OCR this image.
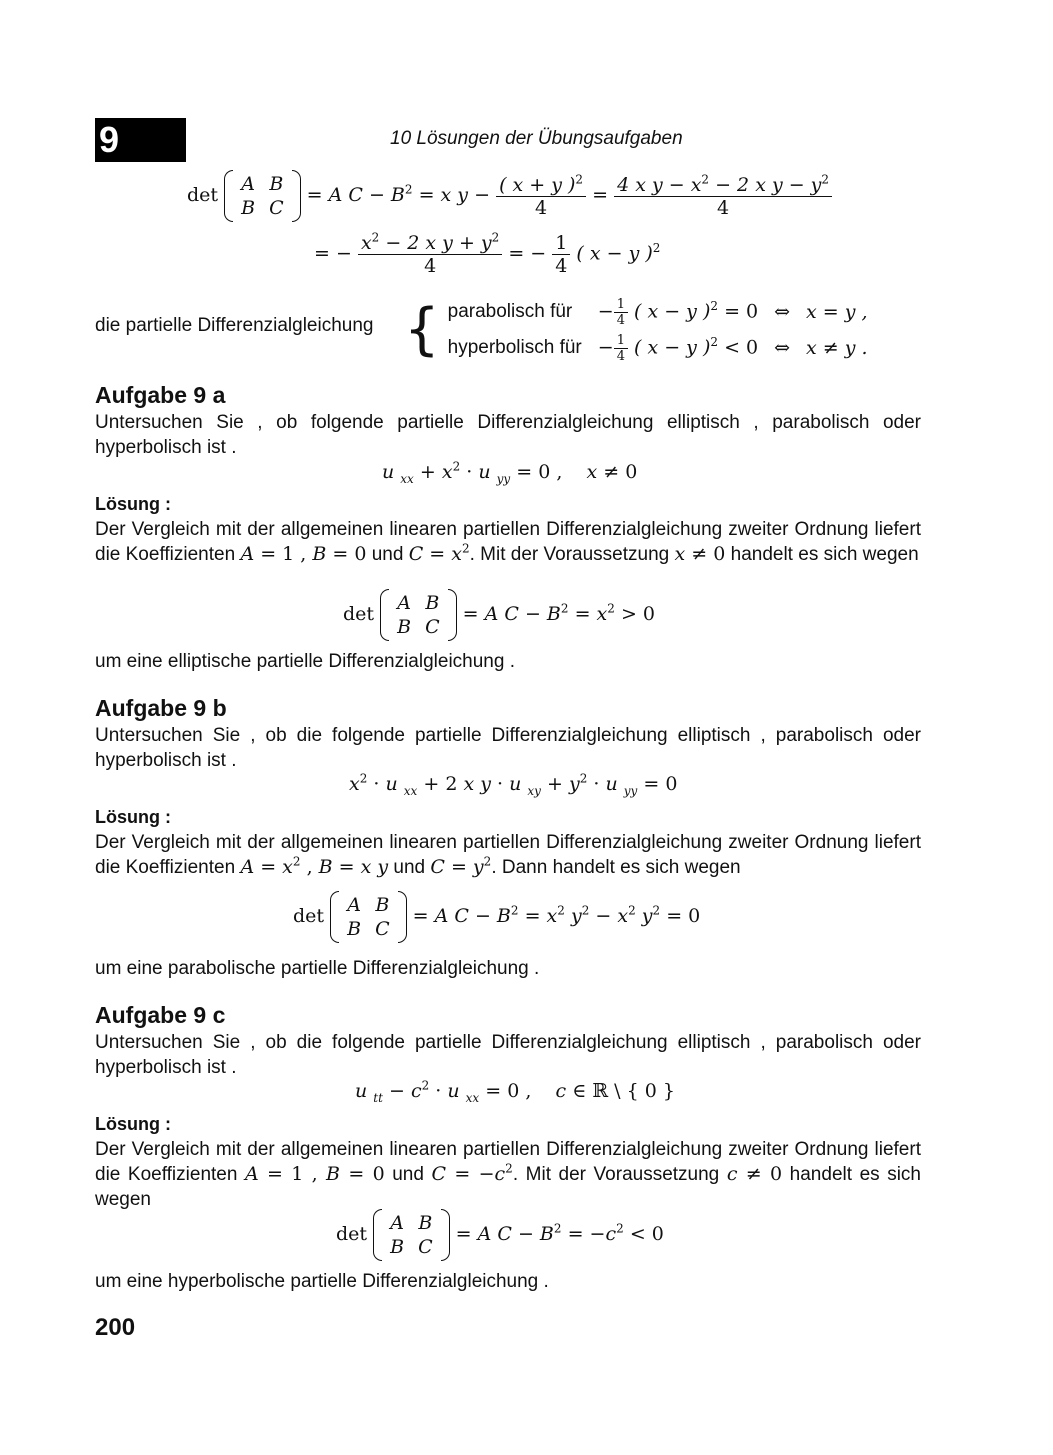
9	10 Lösungen der Übungsaufgaben
det A	B
B	C
= A $C - B^2 = x$ $y - \frac{( x + y )^2}{4} = \frac{4 x y - x^2 - 2 x y - y^2}{4}$
= − $\frac{x^2 - 2 x y + y^2}{4}$ = − $\frac{1}{4}$ ( x − y )$^2$
die partielle Differenzialgleichung { parabolisch für	− $\frac{1}{4}$ ( x − y )$^2$ = 0	⇔	x = y ,
hyperbolisch für	− $\frac{1}{4}$ ( x − y )$^2$ < 0	⇔	x ≠ y .
Aufgabe 9 a
Untersuchen Sie , ob folgende partielle Differenzialgleichung elliptisch , parabolisch oder hyperbolisch ist .
u $_{xx} + x^2 \cdot u$ $_{yy}$ = 0 ,    x ≠ 0
Lösung :
Der Vergleich mit der allgemeinen linearen partiellen Differenzialgleichung zweiter Ordnung liefert die Koeffizienten A = 1 , B = 0 und $C = x^2$. Mit der Voraussetzung x ≠ 0 handelt es sich wegen
det A	B
B	C
= A $C - B^2 = x^2 > 0$
um eine elliptische partielle Differenzialgleichung .
Aufgabe 9 b
Untersuchen Sie , ob die folgende partielle Differenzialgleichung elliptisch , parabolisch oder hyperbolisch ist .
$x^2 \cdot u$ $_{xx}$ + 2 x y · u $_{xy} + y^2 \cdot u$ $_{yy}$ = 0
Lösung :
Der Vergleich mit der allgemeinen linearen partiellen Differenzialgleichung zweiter Ordnung liefert die Koeffizienten $A = x^2$ , B = x y und $C = y^2$. Dann handelt es sich wegen
det A	B
B	C
= A $C - B^2 = x^2$ $y^2 - x^2$ $y^2 = 0$
um eine parabolische partielle Differenzialgleichung .
Aufgabe 9 c
Untersuchen Sie , ob die folgende partielle Differenzialgleichung elliptisch , parabolisch oder hyperbolisch ist .
u $_{tt} - c^2 \cdot u$ $_{xx}$ = 0 ,    c ∈ ℝ \ { 0 }
Lösung :
Der Vergleich mit der allgemeinen linearen partiellen Differenzialgleichung zweiter Ordnung liefert die Koeffizienten A = 1 , B = 0 und $C = -c^2$. Mit der Voraussetzung c ≠ 0 handelt es sich wegen
det A	B
B	C
= A $C - B^2 = -c^2 < 0$
um eine hyperbolische partielle Differenzialgleichung .
200
